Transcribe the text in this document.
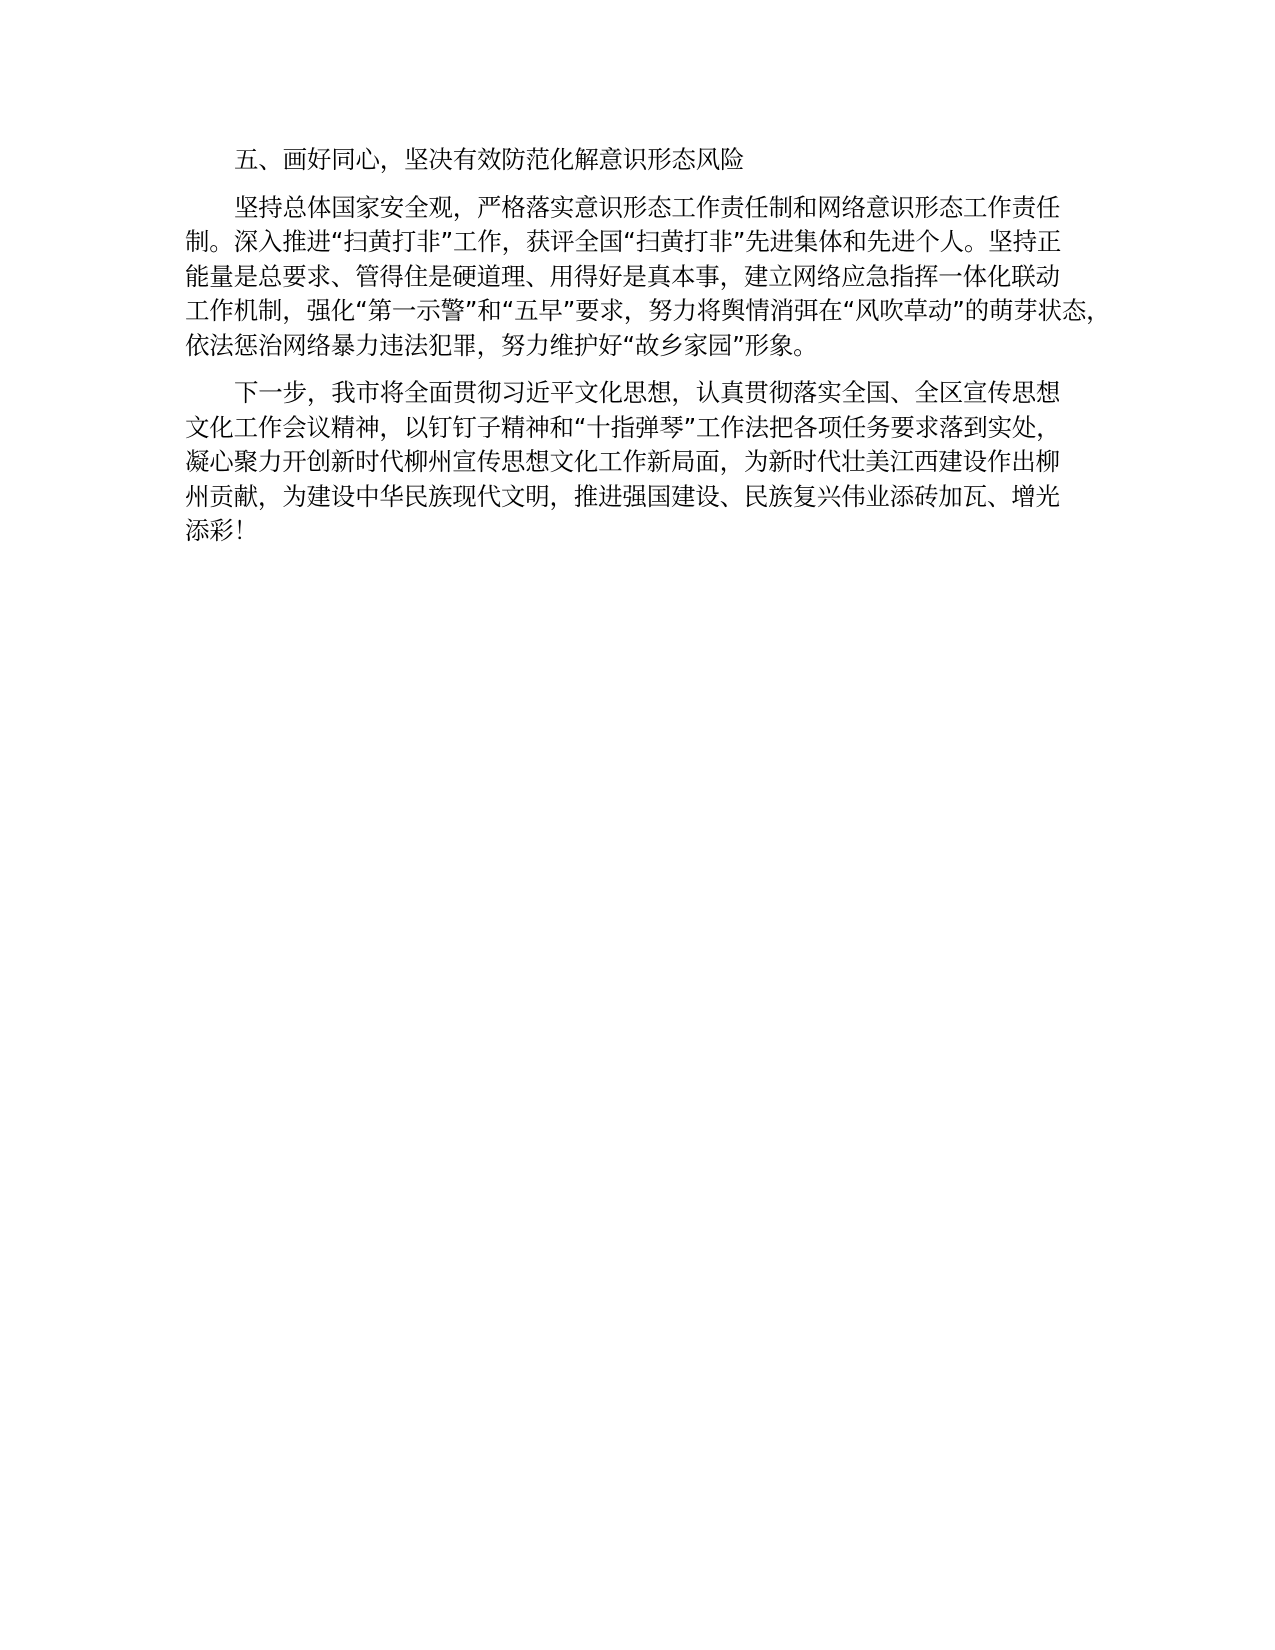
五、画好同心，坚决有效防范化解意识形态风险

坚持总体国家安全观，严格落实意识形态工作责任制和网络意识形态工作责任
制。深入推进“扫黄打非”工作，获评全国“扫黄打非”先进集体和先进个人。坚持正
能量是总要求、管得住是硬道理、用得好是真本事，建立网络应急指挥一体化联动
工作机制，强化“第一示警”和“五早”要求，努力将舆情消弭在“风吹草动”的萌芽状态，
依法惩治网络暴力违法犯罪，努力维护好“故乡家园”形象。

下一步，我市将全面贯彻习近平文化思想，认真贯彻落实全国、全区宣传思想
文化工作会议精神，以钉钉子精神和“十指弹琴”工作法把各项任务要求落到实处，
凝心聚力开创新时代柳州宣传思想文化工作新局面，为新时代壮美江西建设作出柳
州贡献，为建设中华民族现代文明，推进强国建设、民族复兴伟业添砖加瓦、增光
添彩！
